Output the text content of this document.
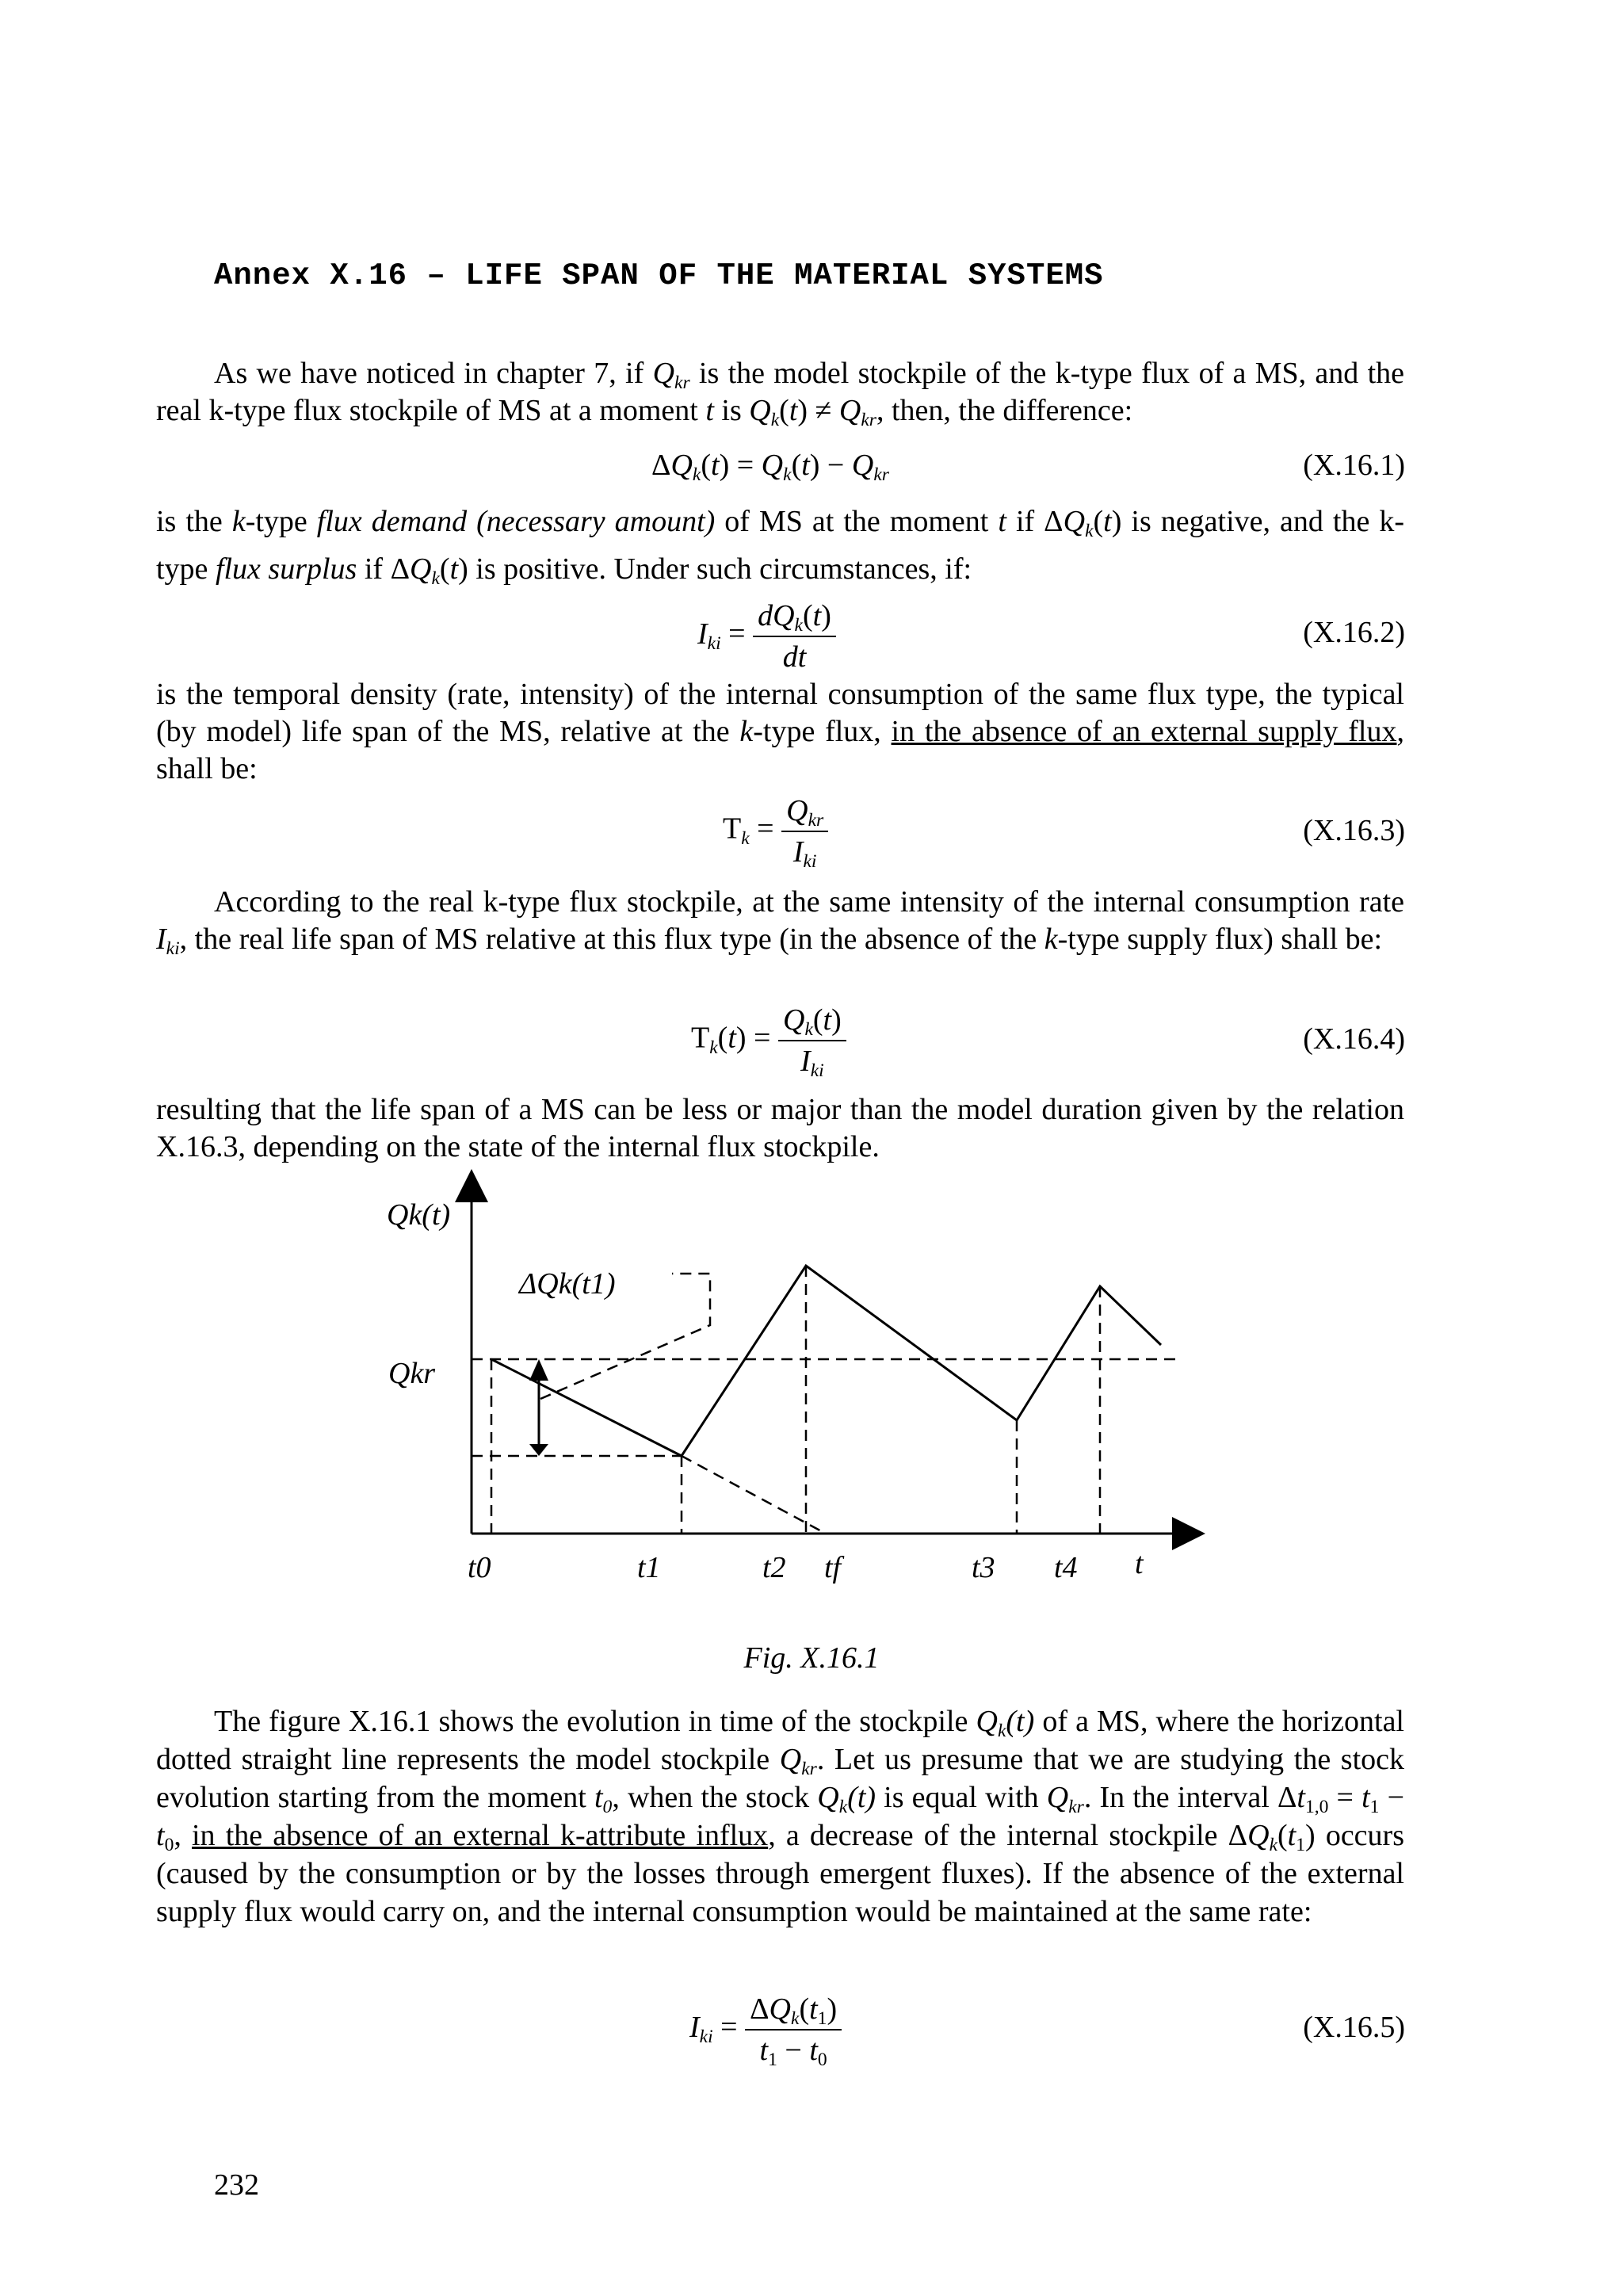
Annex X.16 – LIFE SPAN OF THE MATERIAL SYSTEMS

As we have noticed in chapter 7, if $Q_{kr}$ is the model stockpile of the k-type flux of a MS, and the real k-type flux stockpile of MS at a moment t is $Q_k(t) \ne Q_{kr}$, then, the difference:

$\Delta Q_k(t) = Q_k(t) - Q_{kr}$	(X.16.1)

is the k-type flux demand (necessary amount) of MS at the moment t if $\Delta Q_k(t)$ is negative, and the k-type flux surplus if $\Delta Q_k(t)$ is positive. Under such circumstances, if:

$I_{ki} = \frac{dQ_k(t)}{dt}$	(X.16.2)

is the temporal density (rate, intensity) of the internal consumption of the same flux type, the typical (by model) life span of the MS, relative at the k-type flux, in the absence of an external supply flux, shall be:

$T_k = \frac{Q_{kr}}{I_{ki}}$	(X.16.3)

According to the real k-type flux stockpile, at the same intensity of the internal consumption rate $I_{ki}$, the real life span of MS relative at this flux type (in the absence of the k-type supply flux) shall be:

$T_k(t) = \frac{Q_k(t)}{I_{ki}}$	(X.16.4)

resulting that the life span of a MS can be less or major than the model duration given by the relation X.16.3, depending on the state of the internal flux stockpile.

Qk(t)
ΔQk(t1)
Qkr
t0	t1	t2 tf	t3 t4 t
Fig. X.16.1

The figure X.16.1 shows the evolution in time of the stockpile $Q_k(t)$ of a MS, where the horizontal dotted straight line represents the model stockpile $Q_{kr}$. Let us presume that we are studying the stock evolution starting from the moment $t_0$, when the stock $Q_k(t)$ is equal with $Q_{kr}$. In the interval $\Delta t_{1,0} = t_1 - t_0$, in the absence of an external k-attribute influx, a decrease of the internal stockpile $\Delta Q_k(t_1)$ occurs (caused by the consumption or by the losses through emergent fluxes). If the absence of the external supply flux would carry on, and the internal consumption would be maintained at the same rate:

$I_{ki} = \frac{\Delta Q_k(t_1)}{t_1 - t_0}$	(X.16.5)
232
